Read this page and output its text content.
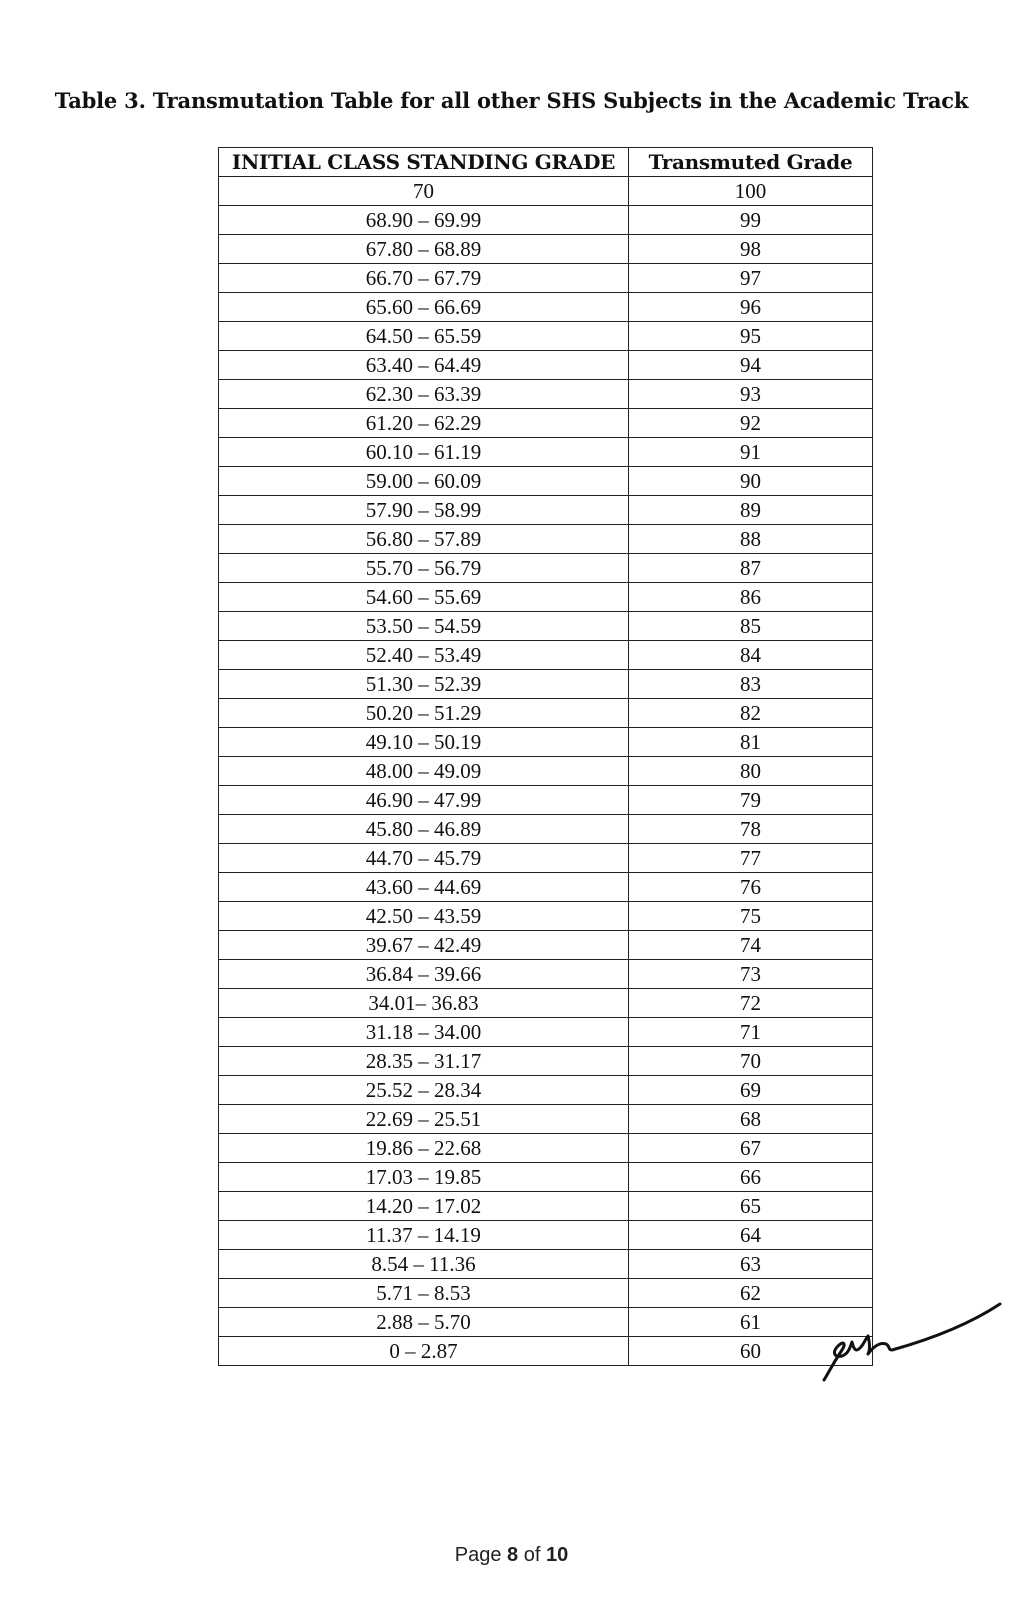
Table 3. Transmutation Table for all other SHS Subjects in the Academic Track
INITIAL CLASS STANDING GRADE	Transmuted Grade
70	100
68.90 – 69.99	99
67.80 – 68.89	98
66.70 – 67.79	97
65.60 – 66.69	96
64.50 – 65.59	95
63.40 – 64.49	94
62.30 – 63.39	93
61.20 – 62.29	92
60.10 – 61.19	91
59.00 – 60.09	90
57.90 – 58.99	89
56.80 – 57.89	88
55.70 – 56.79	87
54.60 – 55.69	86
53.50 – 54.59	85
52.40 – 53.49	84
51.30 – 52.39	83
50.20 – 51.29	82
49.10 – 50.19	81
48.00 – 49.09	80
46.90 – 47.99	79
45.80 – 46.89	78
44.70 – 45.79	77
43.60 – 44.69	76
42.50 – 43.59	75
39.67 – 42.49	74
36.84 – 39.66	73
34.01– 36.83	72
31.18 – 34.00	71
28.35 – 31.17	70
25.52 – 28.34	69
22.69 – 25.51	68
19.86 – 22.68	67
17.03 – 19.85	66
14.20 – 17.02	65
11.37 – 14.19	64
8.54 – 11.36	63
5.71 – 8.53	62
2.88 – 5.70	61
0 – 2.87	60
Page 8 of 10
